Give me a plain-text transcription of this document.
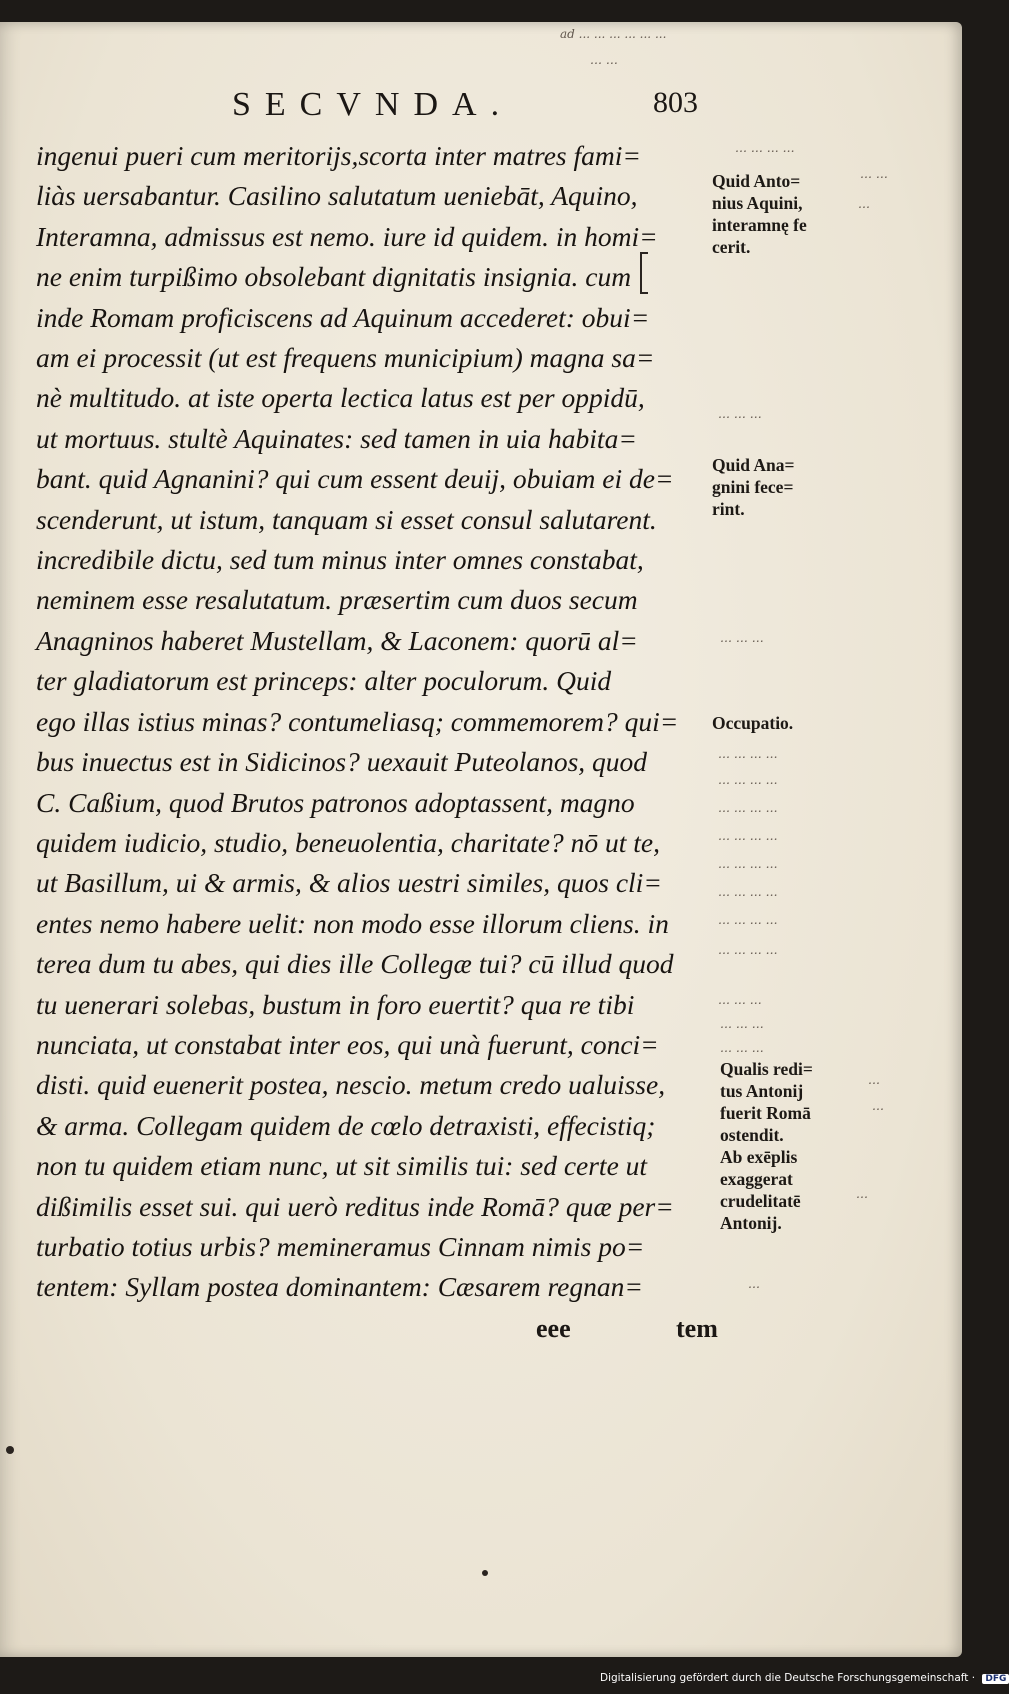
ad ... ... ... ... ... ...
... ...
SECVNDA.	803
ingenui pueri cum meritorijs,scorta inter matres fami=
liàs uersabantur. Casilino salutatum ueniebāt, Aquino,
Interamna, admissus est nemo. iure id quidem. in homi=
ne enim turpißimo obsolebant dignitatis insignia. cum
inde Romam proficiscens ad Aquinum accederet: obui=
am ei processit (ut est frequens municipium) magna sa=
nè multitudo. at iste operta lectica latus est per oppidū,
ut mortuus. stultè Aquinates: sed tamen in uia habita=
bant. quid Agnanini? qui cum essent deuij, obuiam ei de=
scenderunt, ut istum, tanquam si esset consul salutarent.
incredibile dictu, sed tum minus inter omnes constabat,
neminem esse resalutatum. præsertim cum duos secum
Anagninos haberet Mustellam, & Laconem: quorū al=
ter gladiatorum est princeps: alter poculorum. Quid
ego illas istius minas? contumeliasq; commemorem? qui=
bus inuectus est in Sidicinos? uexauit Puteolanos, quod
C. Caßium, quod Brutos patronos adoptassent, magno
quidem iudicio, studio, beneuolentia, charitate? nō ut te,
ut Basillum, ui & armis, & alios uestri similes, quos cli=
entes nemo habere uelit: non modo esse illorum cliens. in
terea dum tu abes, qui dies ille Collegæ tui? cū illud quod
tu uenerari solebas, bustum in foro euertit? qua re tibi
nunciata, ut constabat inter eos, qui unà fuerunt, conci=
disti. quid euenerit postea, nescio. metum credo ualuisse,
& arma. Collegam quidem de cœlo detraxisti, effecistiq;
non tu quidem etiam nunc, ut sit similis tui: sed certe ut
dißimilis esset sui. qui uerò reditus inde Romā? quæ per=
turbatio totius urbis? memineramus Cinnam nimis po=
tentem: Syllam postea dominantem: Cæsarem regnan=
Quid Anto=
nius Aquini,
interamnę fe
cerit.
Quid Ana=
gnini fece=
rint.
Occupatio.
Qualis redi=
tus Antonij
fuerit Romā
ostendit.
Ab exēplis
exaggerat
crudelitatē
Antonij.
... ... ... ...
... ...
...
... ... ...
... ... ...
... ... ... ...
... ... ... ...
... ... ... ...
... ... ... ...
... ... ... ...
... ... ... ...
... ... ... ...
... ... ... ...
... ... ...
... ... ...
... ... ...
...
...
...
...
eee	tem
Digitalisierung gefördert durch die Deutsche Forschungsgemeinschaft · DFG
